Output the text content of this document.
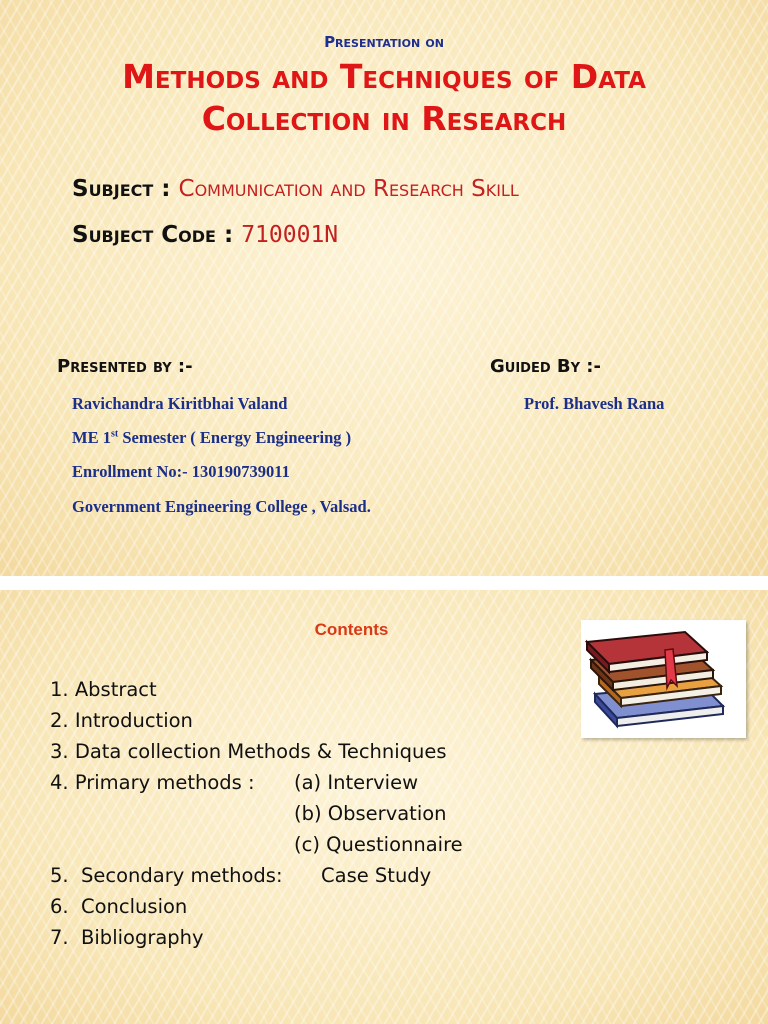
Presentation on
Methods and Techniques of Data
Collection in Research
Subject : Communication and Research Skill
Subject Code : 710001N
Presented by :-	Guided By :-
Ravichandra Kiritbhai Valand
ME 1st Semester ( Energy Engineering )
Enrollment No:- 130190739011
Government Engineering College , Valsad.
Prof. Bhavesh Rana
Contents
1. Abstract
2. Introduction
3. Data collection Methods & Techniques
4. Primary methods : (a) Interview
(b) Observation
(c) Questionnaire
5. Secondary methods: Case Study
6. Conclusion
7. Bibliography
